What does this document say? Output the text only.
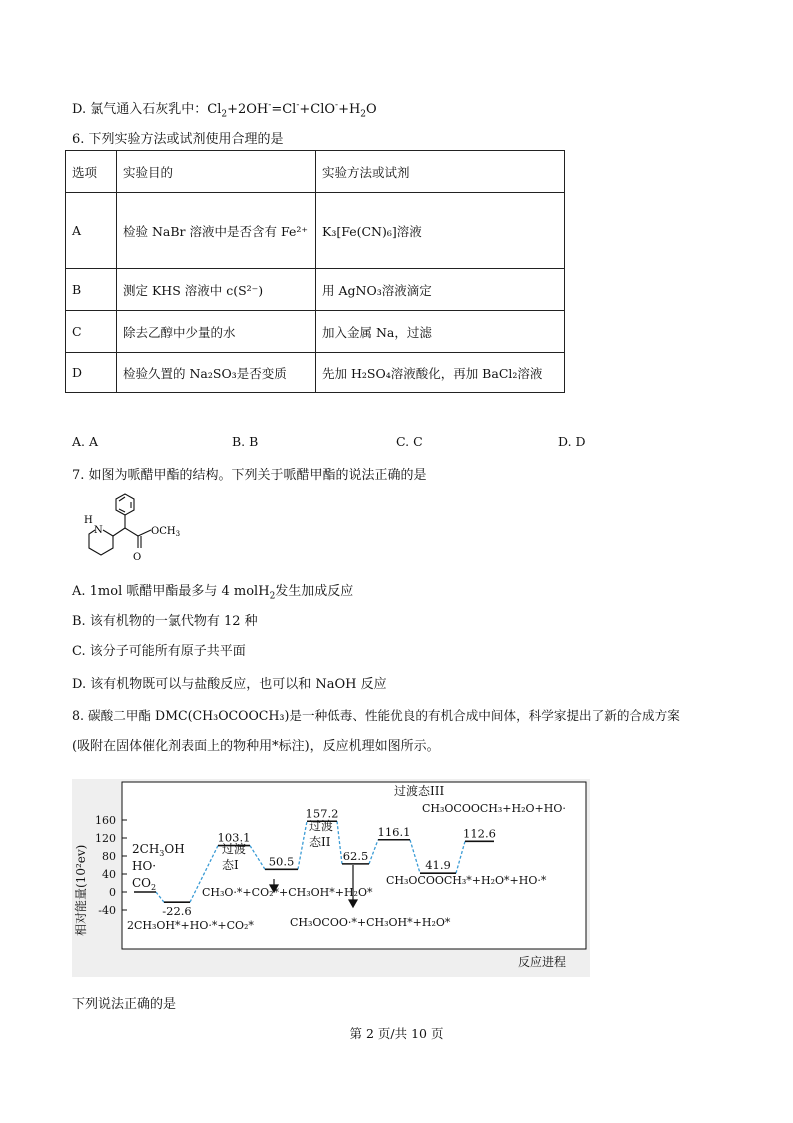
D. 氯气通入石灰乳中：$Cl_2+2OH^-=Cl^-+ClO^-+H_2O$
6. 下列实验方法或试剂使用合理的是
选项	实验目的	实验方法或试剂
A	检验 NaBr 溶液中是否含有 Fe²⁺	K₃[Fe(CN)₆]溶液
B	测定 KHS 溶液中 c(S²⁻)	用 AgNO₃溶液滴定
C	除去乙醇中少量的水	加入金属 Na，过滤
D	检验久置的 Na₂SO₃是否变质	先加 H₂SO₄溶液酸化，再加 BaCl₂溶液
A. A	B. B	C. C	D. D
7. 如图为哌醋甲酯的结构。下列关于哌醋甲酯的说法正确的是
N
H
O
$OCH_3$
A. 1mol 哌醋甲酯最多与 4 molH$_2$发生加成反应
B. 该有机物的一氯代物有 12 种
C. 该分子可能所有原子共平面
D. 该有机物既可以与盐酸反应，也可以和 NaOH 反应
8. 碳酸二甲酯 DMC(CH₃OCOOCH₃)是一种低毒、性能优良的有机合成中间体，科学家提出了新的合成方案
(吸附在固体催化剂表面上的物种用*标注)，反应机理如图所示。
160
120
80
40
0
-40	-22.6
103.1
50.5
157.2
62.5
116.1
41.9
112.6
相对能量(10²ev)
反应进程
$2CH_3OH$
HO·
$CO_2$
过渡
态I
过渡
态II
过渡态III
CH₃OCOOCH₃+H₂O+HO·
CH₃O·*+CO₂*+CH₃OH*+H₂O*
CH₃OCOOCH₃*+H₂O*+HO·*
2CH₃OH*+HO·*+CO₂*	CH₃OCOO·*+CH₃OH*+H₂O*
下列说法正确的是
第 2 页/共 10 页
